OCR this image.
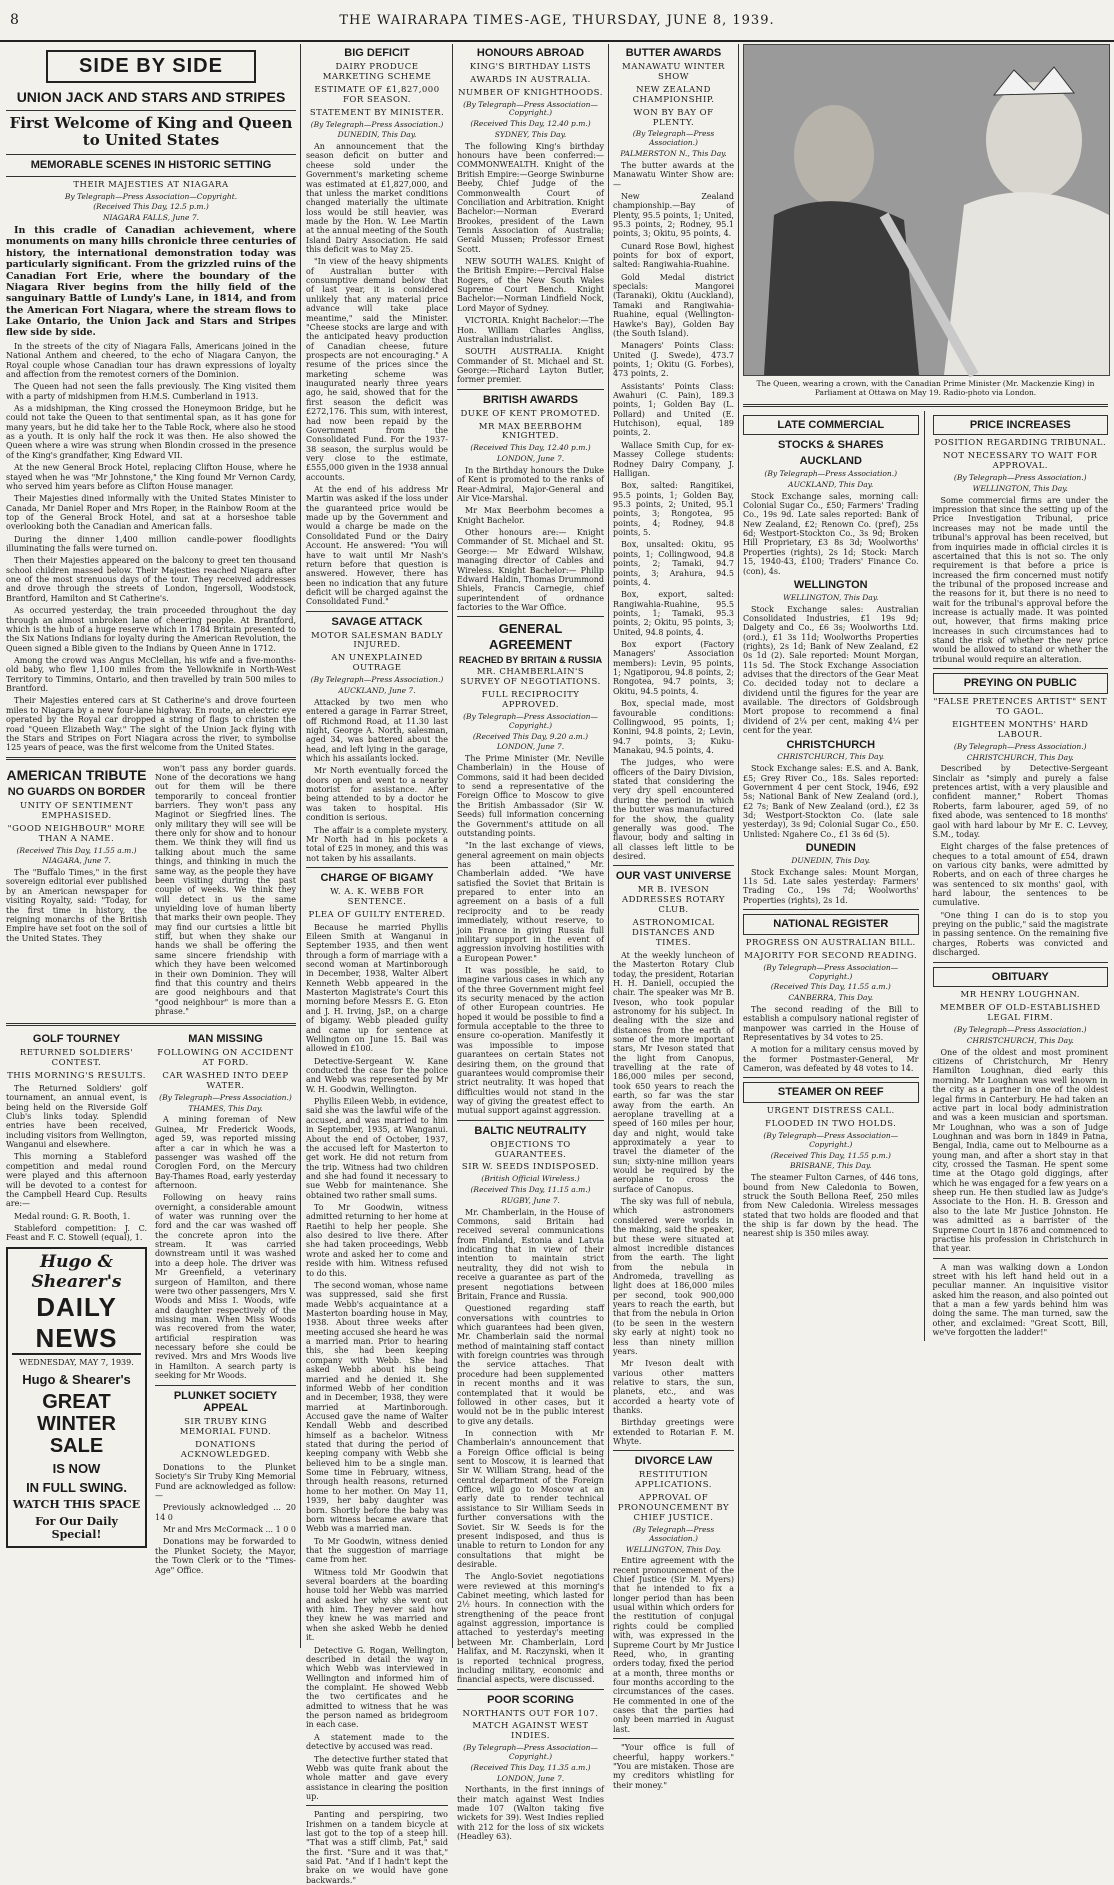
8	THE WAIRARAPA TIMES-AGE, THURSDAY, JUNE 8, 1939.
SIDE BY SIDE
UNION JACK AND STARS AND STRIPES
First Welcome of King and Queen to United States
MEMORABLE SCENES IN HISTORIC SETTING
THEIR MAJESTIES AT NIAGARA
By Telegraph—Press Association—Copyright.
(Received This Day, 12.5 p.m.)
NIAGARA FALLS, June 7.

In this cradle of Canadian achievement, where monuments on many hills chronicle three centuries of history, the international demonstration today was particularly significant. From the grizzled ruins of the Canadian Fort Erie, where the boundary of the Niagara River begins from the hilly field of the sanguinary Battle of Lundy's Lane, in 1814, and from the American Fort Niagara, where the stream flows to Lake Ontario, the Union Jack and Stars and Stripes flew side by side.

In the streets of the city of Niagara Falls, Americans joined in the National Anthem and cheered, to the echo of Niagara Canyon, the Royal couple whose Canadian tour has drawn expressions of loyalty and affection from the remotest corners of the Dominion.

The Queen had not seen the falls previously. The King visited them with a party of midshipmen from H.M.S. Cumberland in 1913.

As a midshipman, the King crossed the Honeymoon Bridge, but he could not take the Queen to that sentimental span, as it has gone for many years, but he did take her to the Table Rock, where also he stood as a youth. It is only half the rock it was then. He also showed the Queen where a wire was strung when Blondin crossed in the presence of the King's grandfather, King Edward VII.

At the new General Brock Hotel, replacing Clifton House, where he stayed when he was "Mr Johnstone," the King found Mr Vernon Cardy, who served him years before as Clifton House manager.

Their Majesties dined informally with the United States Minister to Canada, Mr Daniel Roper and Mrs Roper, in the Rainbow Room at the top of the General Brock Hotel, and sat at a horseshoe table overlooking both the Canadian and American falls.

During the dinner 1,400 million candle-power floodlights illuminating the falls were turned on.

Then their Majesties appeared on the balcony to greet ten thousand school children massed below. Their Majesties reached Niagara after one of the most strenuous days of the tour. They received addresses and drove through the streets of London, Ingersoll, Woodstock, Brantford, Hamilton and St Catherine's.

As occurred yesterday, the train proceeded throughout the day through an almost unbroken lane of cheering people. At Brantford, which is the hub of a huge reserve which in 1784 Britain presented to the Six Nations Indians for loyalty during the American Revolution, the Queen signed a Bible given to the Indians by Queen Anne in 1712.

Among the crowd was Angus McClellan, his wife and a five-months-old baby, who flew 1,100 miles from the Yellowknife in North-West Territory to Timmins, Ontario, and then travelled by train 500 miles to Brantford.

Their Majesties entered cars at St Catherine's and drove fourteen miles to Niagara by a new four-lane highway. En route, an electric eye operated by the Royal car dropped a string of flags to christen the road "Queen Elizabeth Way." The sight of the Union Jack flying with the Stars and Stripes on Fort Niagara across the river, to symbolise 125 years of peace, was the first welcome from the United States.

AMERICAN TRIBUTE
NO GUARDS ON BORDER
UNITY OF SENTIMENT EMPHASISED.
"GOOD NEIGHBOUR" MORE THAN A NAME.
(Received This Day, 11.55 a.m.)
NIAGARA, June 7.

The "Buffalo Times," in the first sovereign editorial ever published by an American newspaper for visiting Royalty, said: "Today, for the first time in history, the reigning monarchs of the British Empire have set foot on the soil of the United States. They

won't pass any border guards. None of the decorations we hang out for them will be there temporarily to conceal frontier barriers. They won't pass any Maginot or Siegfried lines. The only military they will see will be there only for show and to honour them. We think they will find us talking about much the same things, and thinking in much the same way, as the people they have been visiting during the past couple of weeks. We think they will detect in us the same unyielding love of human liberty that marks their own people. They may find our curtsies a little bit stiff, but when they shake our hands we shall be offering the same sincere friendship with which they have been welcomed in their own Dominion. They will find that this country and theirs are good neighbours and that "good neighbour" is more than a phrase."

GOLF TOURNEY
RETURNED SOLDIERS' CONTEST.
THIS MORNING'S RESULTS.

The Returned Soldiers' golf tournament, an annual event, is being held on the Riverside Golf Club's links today. Splendid entries have been received, including visitors from Wellington, Wanganui and elsewhere.

This morning a Stableford competition and medal round were played and this afternoon will be devoted to a contest for the Campbell Heard Cup. Results are:—

Medal round: G. R. Booth, 1.

Stableford competition: J. C. Feast and F. C. Stowell (equal), 1.

Hugo & Shearer's
DAILY NEWS
WEDNESDAY, MAY 7, 1939.
Hugo & Shearer's
GREAT
WINTER SALE
IS NOW
IN FULL SWING.
WATCH THIS SPACE
For Our Daily Special!
MAN MISSING
FOLLOWING ON ACCIDENT AT FORD.
CAR WASHED INTO DEEP WATER.
(By Telegraph—Press Association.)
THAMES, This Day.

A mining foreman of New Guinea, Mr Frederick Woods, aged 59, was reported missing after a car in which he was a passenger was washed off the Coroglen Ford, on the Mercury Bay-Thames Road, early yesterday afternoon.

Following on heavy rains overnight, a considerable amount of water was running over the ford and the car was washed off the concrete apron into the stream. It was carried downstream until it was washed into a deep hole. The driver was Mr Greenfield, a veterinary surgeon of Hamilton, and there were two other passengers, Mrs V. Woods and Miss I. Woods, wife and daughter respectively of the missing man. When Miss Woods was recovered from the water, artificial respiration was necessary before she could be revived. Mrs and Mrs Woods live in Hamilton. A search party is seeking for Mr Woods.

PLUNKET SOCIETY APPEAL
SIR TRUBY KING MEMORIAL FUND.
DONATIONS ACKNOWLEDGED.

Donations to the Plunket Society's Sir Truby King Memorial Fund are acknowledged as follow:—

Previously acknowledged ... 20 14 0

Mr and Mrs McCormack ... 1 0 0

Donations may be forwarded to the Plunket Society, the Mayor, the Town Clerk or to the "Times-Age" Office.

BIG DEFICIT
DAIRY PRODUCE MARKETING SCHEME
ESTIMATE OF £1,827,000 FOR SEASON.
STATEMENT BY MINISTER.
(By Telegraph—Press Association.)
DUNEDIN, This Day.

An announcement that the season deficit on butter and cheese sold under the Government's marketing scheme was estimated at £1,827,000, and that unless the market conditions changed materially the ultimate loss would be still heavier, was made by the Hon. W. Lee Martin at the annual meeting of the South Island Dairy Association. He said this deficit was to May 25.

"In view of the heavy shipments of Australian butter with consumptive demand below that of last year, it is considered unlikely that any material price advance will take place meantime," said the Minister. "Cheese stocks are large and with the anticipated heavy production of Canadian cheese, future prospects are not encouraging." A resume of the prices since the marketing scheme was inaugurated nearly three years ago, he said, showed that for the first season the deficit was £272,176. This sum, with interest, had now been repaid by the Government from the Consolidated Fund. For the 1937-38 season, the surplus would be very close to the estimate, £555,000 given in the 1938 annual accounts.

At the end of his address Mr Martin was asked if the loss under the guaranteed price would be made up by the Government and would a charge be made on the Consolidated Fund or the Dairy Account. He answered: "You will have to wait until Mr Nash's return before that question is answered. However, there has been no indication that any future deficit will be charged against the Consolidated Fund."

SAVAGE ATTACK
MOTOR SALESMAN BADLY INJURED.
AN UNEXPLAINED OUTRAGE
(By Telegraph—Press Association.)
AUCKLAND, June 7.

Attacked by two men who entered a garage in Farrar Street, off Richmond Road, at 11.30 last night, George A. North, salesman, aged 34, was battered about the head, and left lying in the garage, which his assailants locked.

Mr North eventually forced the doors open and went to a nearby motorist for assistance. After being attended to by a doctor he was taken to hospital. His condition is serious.

The affair is a complete mystery. Mr North had in his pockets a total of £25 in money, and this was not taken by his assailants.

CHARGE OF BIGAMY
W. A. K. WEBB FOR SENTENCE.
PLEA OF GUILTY ENTERED.

Because he married Phyllis Eileen Smith at Wanganui in September 1935, and then went through a form of marriage with a second woman at Martinborough in December, 1938, Walter Albert Kenneth Webb appeared in the Masterton Magistrate's Court this morning before Messrs E. G. Eton and J. H. Irving, JsP., on a charge of bigamy. Webb pleaded guilty and came up for sentence at Wellington on June 15. Bail was allowed in £100.

Detective-Sergeant W. Kane conducted the case for the police and Webb was represented by Mr W. H. Goodwin, Wellington.

Phyllis Eileen Webb, in evidence, said she was the lawful wife of the accused, and was married to him in September, 1935, at Wanganui. About the end of October, 1937, the accused left for Masterton to get work. He did not return from the trip. Witness had two children and she had found it necessary to sue Webb for maintenance. She obtained two rather small sums.

To Mr Goodwin, witness admitted returning to her home at Raetihi to help her people. She also desired to live there. After she had taken proceedings, Webb wrote and asked her to come and reside with him. Witness refused to do this.

The second woman, whose name was suppressed, said she first made Webb's acquaintance at a Masterton boarding house in May, 1938. About three weeks after meeting accused she heard he was a married man. Prior to hearing this, she had been keeping company with Webb. She had asked Webb about his being married and he denied it. She informed Webb of her condition and in December, 1938, they were married at Martinborough. Accused gave the name of Walter Kendall Webb and described himself as a bachelor. Witness stated that during the period of keeping company with Webb she believed him to be a single man. Some time in February, witness, through health reasons, returned home to her mother. On May 11, 1939, her baby daughter was born. Shortly before the baby was born witness became aware that Webb was a married man.

To Mr Goodwin, witness denied that the suggestion of marriage came from her.

Witness told Mr Goodwin that several boarders at the boarding house told her Webb was married and asked her why she went out with him. They never said how they knew he was married and when she asked Webb he denied it.

Detective G. Rogan, Wellington, described in detail the way in which Webb was interviewed in Wellington and informed him of the complaint. He showed Webb the two certificates and he admitted to witness that he was the person named as bridegroom in each case.

A statement made to the detective by accused was read.

The detective further stated that Webb was quite frank about the whole matter and gave every assistance in clearing the position up.

Panting and perspiring, two Irishmen on a tandem bicycle at last got to the top of a steep hill. "That was a stiff climb, Pat," said the first. "Sure and it was that," said Pat. "And if I hadn't kept the brake on we would have gone backwards."

HONOURS ABROAD
KING'S BIRTHDAY LISTS
AWARDS IN AUSTRALIA.
NUMBER OF KNIGHTHOODS.
(By Telegraph—Press Association—Copyright.)
(Received This Day, 12.40 p.m.)
SYDNEY, This Day.

The following King's birthday honours have been conferred:— COMMONWEALTH. Knight of the British Empire:—George Swinburne Beeby, Chief Judge of the Commonwealth Court of Conciliation and Arbitration. Knight Bachelor:—Norman Everard Brookes, president of the Lawn Tennis Association of Australia; Gerald Mussen; Professor Ernest Scott.

NEW SOUTH WALES. Knight of the British Empire:—Percival Halse Rogers, of the New South Wales Supreme Court Bench. Knight Bachelor:—Norman Lindfield Nock, Lord Mayor of Sydney.

VICTORIA. Knight Bachelor:—The Hon. William Charles Angliss, Australian industrialist.

SOUTH AUSTRALIA. Knight Commander of St. Michael and St. George:—Richard Layton Butler, former premier.

BRITISH AWARDS
DUKE OF KENT PROMOTED.
MR MAX BEERBOHM KNIGHTED.
(Received This Day, 12.40 p.m.)
LONDON, June 7.

In the Birthday honours the Duke of Kent is promoted to the ranks of Rear-Admiral, Major-General and Air Vice-Marshal.

Mr Max Beerbohm becomes a Knight Bachelor.

Other honours are:— Knight Commander of St. Michael and St. George:— Mr Edward Wilshaw, managing director of Cables and Wireless. Knight Bachelor:— Philip Edward Haldin, Thomas Drummond Shiels, Francis Carnegie, chief superintendent of ordnance factories to the War Office.

GENERAL AGREEMENT
REACHED BY BRITAIN & RUSSIA
MR. CHAMBERLAIN'S SURVEY OF NEGOTIATIONS.
FULL RECIPROCITY APPROVED.
(By Telegraph—Press Association—Copyright.)
(Received This Day, 9.20 a.m.)
LONDON, June 7.

The Prime Minister (Mr. Neville Chamberlain) in the House of Commons, said it had been decided to send a representative of the Foreign Office to Moscow to give the British Ambassador (Sir W. Seeds) full information concerning the Government's attitude on all outstanding points.

"In the last exchange of views, general agreement on main objects has been attained," Mr. Chamberlain added. "We have satisfied the Soviet that Britain is prepared to enter into an agreement on a basis of a full reciprocity and to be ready immediately, without reserve, to join France in giving Russia full military support in the event of aggression involving hostilities with a European Power."

It was possible, he said, to imagine various cases in which any of the three Government might feel its security menaced by the action of other European countries. He hoped it would be possible to find a formula acceptable to the three to ensure co-operation. Manifestly it was impossible to impose guarantees on certain States not desiring them, on the ground that guarantees would compromise their strict neutrality. It was hoped that difficulties would not stand in the way of giving the greatest effect to mutual support against aggression.

BALTIC NEUTRALITY
OBJECTIONS TO GUARANTEES.
SIR W. SEEDS INDISPOSED.
(British Official Wireless.)
(Received This Day, 11.15 a.m.)
RUGBY, June 7.

Mr. Chamberlain, in the House of Commons, said Britain had received several communications from Finland, Estonia and Latvia indicating that in view of their intention to maintain strict neutrality, they did not wish to receive a guarantee as part of the present negotiations between Britain, France and Russia.

Questioned regarding staff conversations with countries to which guarantees had been given, Mr. Chamberlain said the normal method of maintaining staff contact with foreign countries was through the service attaches. That procedure had been supplemented in recent months and it was contemplated that it would be followed in other cases, but it would not be in the public interest to give any details.

In connection with Mr Chamberlain's announcement that a Foreign Office official is being sent to Moscow, it is learned that Sir W. William Strang, head of the central department of the Foreign Office, will go to Moscow at an early date to render technical assistance to Sir William Seeds in further conversations with the Soviet. Sir W. Seeds is for the present indisposed, and thus is unable to return to London for any consultations that might be desirable.

The Anglo-Soviet negotiations were reviewed at this morning's Cabinet meeting, which lasted for 2½ hours. In connection with the strengthening of the peace front against aggression, importance is attached to yesterday's meeting between Mr. Chamberlain, Lord Halifax, and M. Raczynski, when it is reported technical progress, including military, economic and financial aspects, were discussed.

POOR SCORING
NORTHANTS OUT FOR 107.
MATCH AGAINST WEST INDIES.
(By Telegraph—Press Association—Copyright.)
(Received This Day, 11.35 a.m.)
LONDON, June 7.

Northants, in the first innings of their match against West Indies made 107 (Walton taking five wickets for 39). West Indies replied with 212 for the loss of six wickets (Headley 63).

BUTTER AWARDS
MANAWATU WINTER SHOW
NEW ZEALAND CHAMPIONSHIP.
WON BY BAY OF PLENTY.
(By Telegraph—Press Association.)
PALMERSTON N., This Day.

The butter awards at the Manawatu Winter Show are:—

New Zealand championship.—Bay of Plenty, 95.5 points, 1; United, 95.3 points, 2; Rodney, 95.1 points, 3; Okitu, 95 points, 4.

Cunard Rose Bowl, highest points for box of export, salted: Rangiwahia-Ruahine.

Gold Medal district specials: Mangorei (Taranaki), Okitu (Auckland), Tamaki and Rangiwahia-Ruahine, equal (Wellington-Hawke's Bay), Golden Bay (the South Island).

Managers' Points Class: United (J. Swede), 473.7 points, 1; Okitu (G. Forbes), 473 points, 2.

Assistants' Points Class: Awahuri (C. Pain), 189.3 points, 1; Golden Bay (L. Pollard) and United (E. Hutchison), equal, 189 points, 2.

Wallace Smith Cup, for ex-Massey College students: Rodney Dairy Company, J. Halligan.

Box, salted: Rangitikei, 95.5 points, 1; Golden Bay, 95.3 points, 2; United, 95.1 points, 3; Rongotea, 95 points, 4; Rodney, 94.8 points, 5.

Box, unsalted: Okitu, 95 points, 1; Collingwood, 94.8 points, 2; Tamaki, 94.7 points, 3; Arahura, 94.5 points, 4.

Box, export, salted: Rangiwahia-Ruahine, 95.5 points, 1; Tamaki, 95.3 points, 2; Okitu, 95 points, 3; United, 94.8 points, 4.

Box export (Factory Managers' Association members): Levin, 95 points, 1; Ngatiporou, 94.8 points, 2; Rongotea, 94.7 points, 3; Okitu, 94.5 points, 4.

Box, special made, most favourable conditions: Collingwood, 95 points, 1; Konini, 94.8 points, 2; Levin, 94.7 points, 3; Kuku-Manakau, 94.5 points, 4.

The judges, who were officers of the Dairy Division, stated that considering the very dry spell encountered during the period in which the butter was manufactured for the show, the quality generally was good. The flavour, body and salting in all classes left little to be desired.

OUR VAST UNIVERSE
MR B. IVESON ADDRESSES ROTARY CLUB.
ASTRONOMICAL DISTANCES AND TIMES.

At the weekly luncheon of the Masterton Rotary Club today, the president, Rotarian H. H. Daniell, occupied the chair. The speaker was Mr B. Iveson, who took popular astronomy for his subject. In dealing with the size and distances from the earth of some of the more important stars, Mr Iveson stated that the light from Canopus, travelling at the rate of 186,000 miles per second, took 650 years to reach the earth, so far was the star away from the earth. An aeroplane travelling at a speed of 160 miles per hour, day and night, would take approximately a year to travel the diameter of the sun; sixty-nine million years would be required by the aeroplane to cross the surface of Canopus.

The sky was full of nebula, which astronomers considered were worlds in the making, said the speaker, but these were situated at almost incredible distances from the earth. The light from the nebula in Andromeda, travelling as light does at 186,000 miles per second, took 900,000 years to reach the earth, but that from the nebula in Orion (to be seen in the western sky early at night) took no less than ninety million years.

Mr Iveson dealt with various other matters relative to stars, the sun, planets, etc., and was accorded a hearty vote of thanks.

Birthday greetings were extended to Rotarian F. M. Whyte.

DIVORCE LAW
RESTITUTION APPLICATIONS.
APPROVAL OF PRONOUNCEMENT BY CHIEF JUSTICE.
(By Telegraph—Press Association.)
WELLINGTON, This Day.

Entire agreement with the recent pronouncement of the Chief Justice (Sir M. Myers) that he intended to fix a longer period than has been usual within which orders for the restitution of conjugal rights could be complied with, was expressed in the Supreme Court by Mr Justice Reed, who, in granting orders today, fixed the period at a month, three months or four months according to the circumstances of the cases. He commented in one of the cases that the parties had only been married in August last.

"Your office is full of cheerful, happy workers." "You are mistaken. Those are my creditors whistling for their money."

The Queen, wearing a crown, with the Canadian Prime Minister (Mr. Mackenzie King) in Parliament at Ottawa on May 19. Radio-photo via London.
LATE COMMERCIAL
STOCKS & SHARES
AUCKLAND
(By Telegraph—Press Association.)
AUCKLAND, This Day.

Stock Exchange sales, morning call: Colonial Sugar Co., £50; Farmers' Trading Co., 19s 9d. Late sales reported: Bank of New Zealand, £2; Renown Co. (pref), 25s 6d; Westport-Stockton Co., 3s 9d; Broken Hill Proprietary, £3 8s 3d; Woolworths' Properties (rights), 2s 1d; Stock: March 15, 1940-43, £100; Traders' Finance Co. (con), 4s.

WELLINGTON
WELLINGTON, This Day.

Stock Exchange sales: Australian Consolidated Industries, £1 19s 9d; Dalgety and Co., £6 3s; Woolworths Ltd. (ord.), £1 3s 11d; Woolworths Properties (rights), 2s 1d; Bank of New Zealand, £2 0s 1d (2). Sale reported: Mount Morgan, 11s 5d. The Stock Exchange Association advises that the directors of the Gear Meat Co. decided today not to declare a dividend until the figures for the year are available. The directors of Goldsbrough Mort propose to recommend a final dividend of 2¼ per cent, making 4¼ per cent for the year.

CHRISTCHURCH
CHRISTCHURCH, This Day.

Stock Exchange sales: E.S. and A. Bank, £5; Grey River Co., 18s. Sales reported: Government 4 per cent Stock, 1946, £92 5s; National Bank of New Zealand (ord.), £2 7s; Bank of New Zealand (ord.), £2 3s 3d; Westport-Stockton Co. (late sale yesterday), 3s 9d; Colonial Sugar Co., £50. Unlisted: Ngahere Co., £1 3s 6d (5).

DUNEDIN
DUNEDIN, This Day.

Stock Exchange sales: Mount Morgan, 11s 5d. Late sales yesterday: Farmers' Trading Co., 19s 7d; Woolworths' Properties (rights), 2s 1d.

NATIONAL REGISTER
PROGRESS ON AUSTRALIAN BILL.
MAJORITY FOR SECOND READING.
(By Telegraph—Press Association—Copyright.)
(Received This Day, 11.55 a.m.)
CANBERRA, This Day.

The second reading of the Bill to establish a compulsory national register of manpower was carried in the House of Representatives by 34 votes to 25.

A motion for a military census moved by the former Postmaster-General, Mr Cameron, was defeated by 48 votes to 14.

STEAMER ON REEF
URGENT DISTRESS CALL.
FLOODED IN TWO HOLDS.
(By Telegraph—Press Association—Copyright.)
(Received This Day, 11.55 p.m.)
BRISBANE, This Day.

The steamer Fulton Carnes, of 446 tons, bound from New Caledonia to Bowen, struck the South Bellona Reef, 250 miles from New Caledonia. Wireless messages stated that two holds are flooded and that the ship is far down by the head. The nearest ship is 350 miles away.

PRICE INCREASES
POSITION REGARDING TRIBUNAL.
NOT NECESSARY TO WAIT FOR APPROVAL.
(By Telegraph—Press Association.)
WELLINGTON, This Day.

Some commercial firms are under the impression that since the setting up of the Price Investigation Tribunal, price increases may not be made until the tribunal's approval has been received, but from inquiries made in official circles it is ascertained that this is not so. The only requirement is that before a price is increased the firm concerned must notify the tribunal of the proposed increase and the reasons for it, but there is no need to wait for the tribunal's approval before the increase is actually made. It was pointed out, however, that firms making price increases in such circumstances had to stand the risk of whether the new price would be allowed to stand or whether the tribunal would require an alteration.

PREYING ON PUBLIC
"FALSE PRETENCES ARTIST" SENT TO GAOL.
EIGHTEEN MONTHS' HARD LABOUR.
(By Telegraph—Press Association.)
CHRISTCHURCH, This Day.

Described by Detective-Sergeant Sinclair as "simply and purely a false pretences artist, with a very plausible and confident manner," Robert Thomas Roberts, farm labourer, aged 59, of no fixed abode, was sentenced to 18 months' gaol with hard labour by Mr E. C. Levvey, S.M., today.

Eight charges of the false pretences of cheques to a total amount of £54, drawn on various city banks, were admitted by Roberts, and on each of three charges he was sentenced to six months' gaol, with hard labour, the sentences to be cumulative.

"One thing I can do is to stop you preying on the public," said the magistrate in passing sentence. On the remaining five charges, Roberts was convicted and discharged.

OBITUARY
MR HENRY LOUGHNAN.
MEMBER OF OLD-ESTABLISHED LEGAL FIRM.
(By Telegraph—Press Association.)
CHRISTCHURCH, This Day.

One of the oldest and most prominent citizens of Christchurch, Mr Henry Hamilton Loughnan, died early this morning. Mr Loughnan was well known in the city as a partner in one of the oldest legal firms in Canterbury. He had taken an active part in local body administration and was a keen musician and sportsman. Mr Loughnan, who was a son of Judge Loughnan and was born in 1849 in Patna, Bengal, India, came out to Melbourne as a young man, and after a short stay in that city, crossed the Tasman. He spent some time at the Otago gold diggings, after which he was engaged for a few years on a sheep run. He then studied law as Judge's Associate to the Hon. H. B. Gresson and also to the late Mr Justice Johnston. He was admitted as a barrister of the Supreme Court in 1876 and commenced to practise his profession in Christchurch in that year.

A man was walking down a London street with his left hand held out in a peculiar manner. An inquisitive visitor asked him the reason, and also pointed out that a man a few yards behind him was doing the same. The man turned, saw the other, and exclaimed: "Great Scott, Bill, we've forgotten the ladder!"
